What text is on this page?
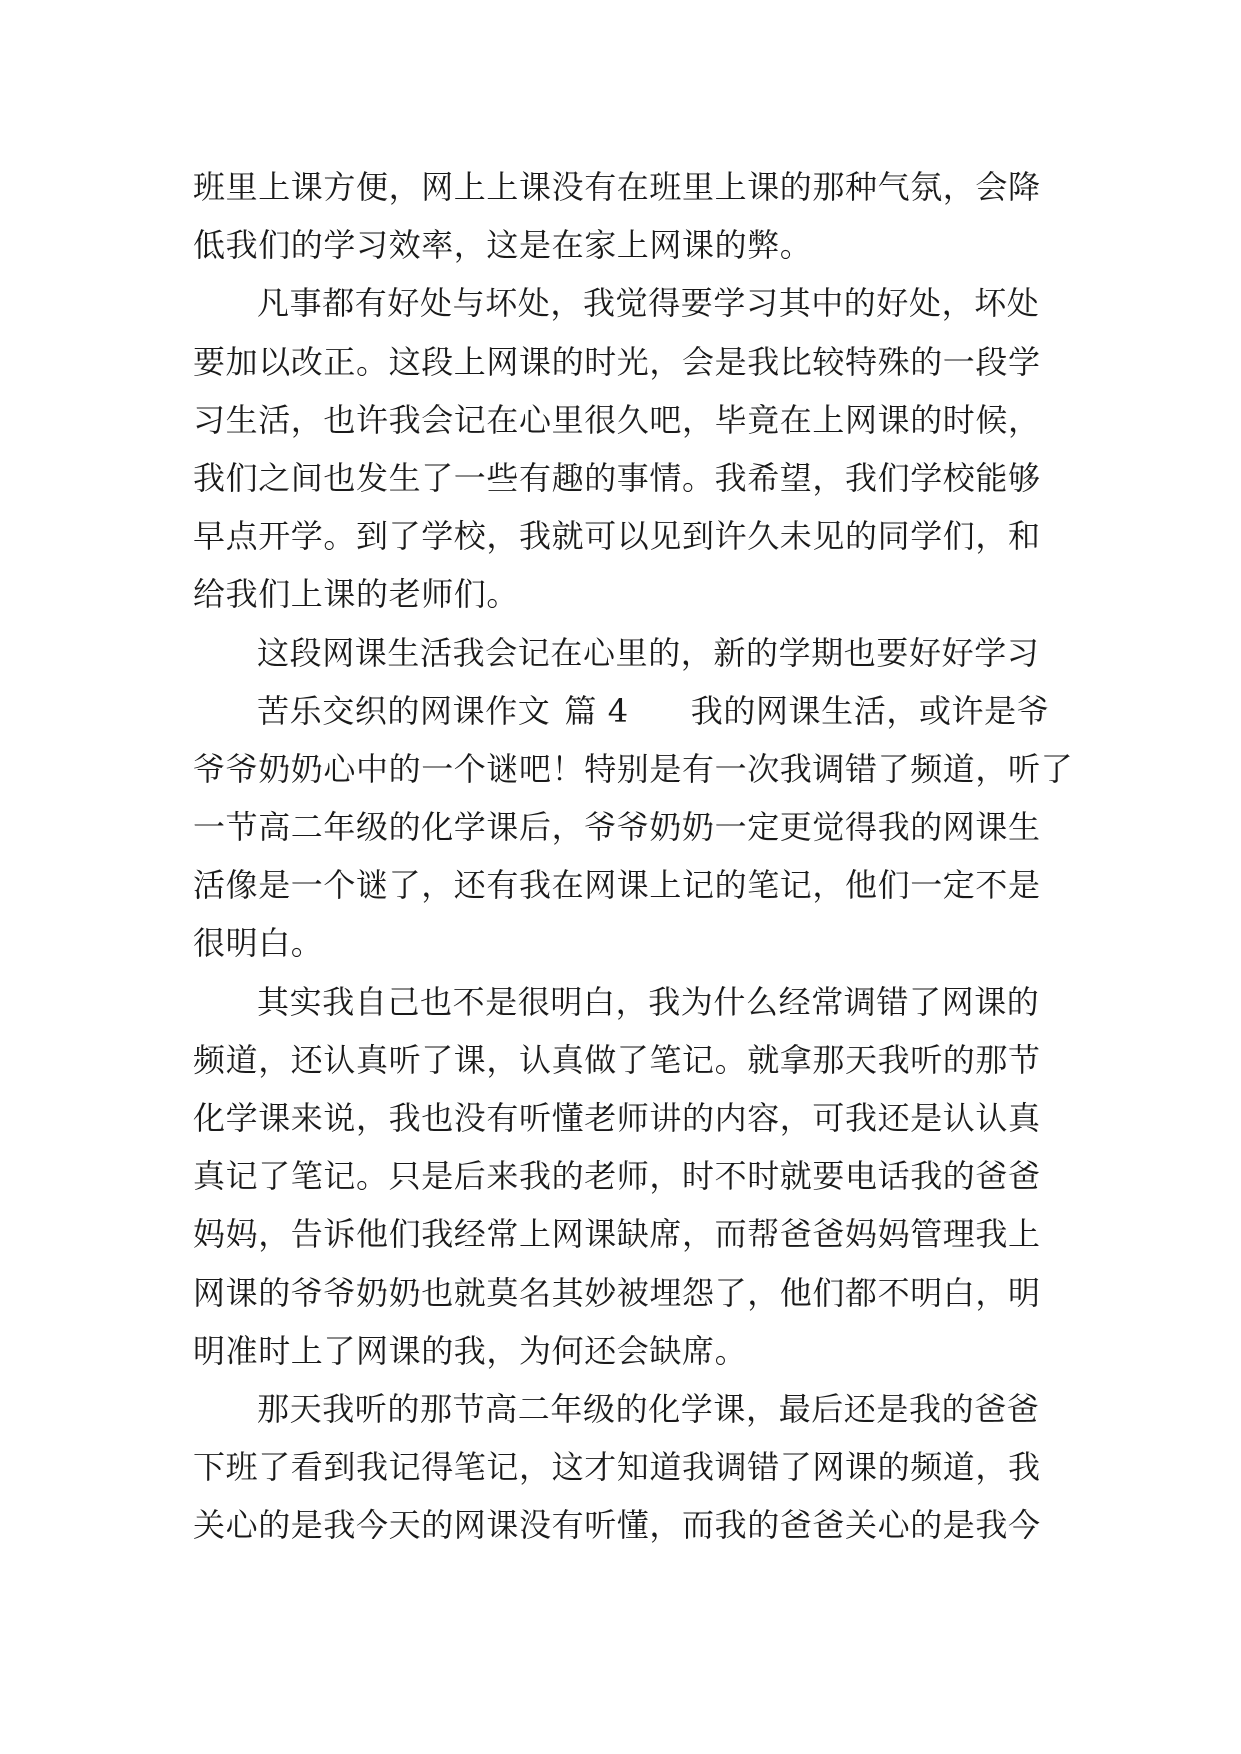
班里上课方便，网上上课没有在班里上课的那种气氛，会降
低我们的学习效率，这是在家上网课的弊。
凡事都有好处与坏处，我觉得要学习其中的好处，坏处
要加以改正。这段上网课的时光，会是我比较特殊的一段学
习生活，也许我会记在心里很久吧，毕竟在上网课的时候，
我们之间也发生了一些有趣的事情。我希望，我们学校能够
早点开学。到了学校，我就可以见到许久未见的同学们，和
给我们上课的老师们。
这段网课生活我会记在心里的，新的学期也要好好学习
苦乐交织的网课作文 篇 4 我的网课生活，或许是爷
爷爷奶奶心中的一个谜吧！特别是有一次我调错了频道，听了
一节高二年级的化学课后，爷爷奶奶一定更觉得我的网课生
活像是一个谜了，还有我在网课上记的笔记，他们一定不是
很明白。
其实我自己也不是很明白，我为什么经常调错了网课的
频道，还认真听了课，认真做了笔记。就拿那天我听的那节
化学课来说，我也没有听懂老师讲的内容，可我还是认认真
真记了笔记。只是后来我的老师，时不时就要电话我的爸爸
妈妈，告诉他们我经常上网课缺席，而帮爸爸妈妈管理我上
网课的爷爷奶奶也就莫名其妙被埋怨了，他们都不明白，明
明准时上了网课的我，为何还会缺席。
那天我听的那节高二年级的化学课，最后还是我的爸爸
下班了看到我记得笔记，这才知道我调错了网课的频道，我
关心的是我今天的网课没有听懂，而我的爸爸关心的是我今
